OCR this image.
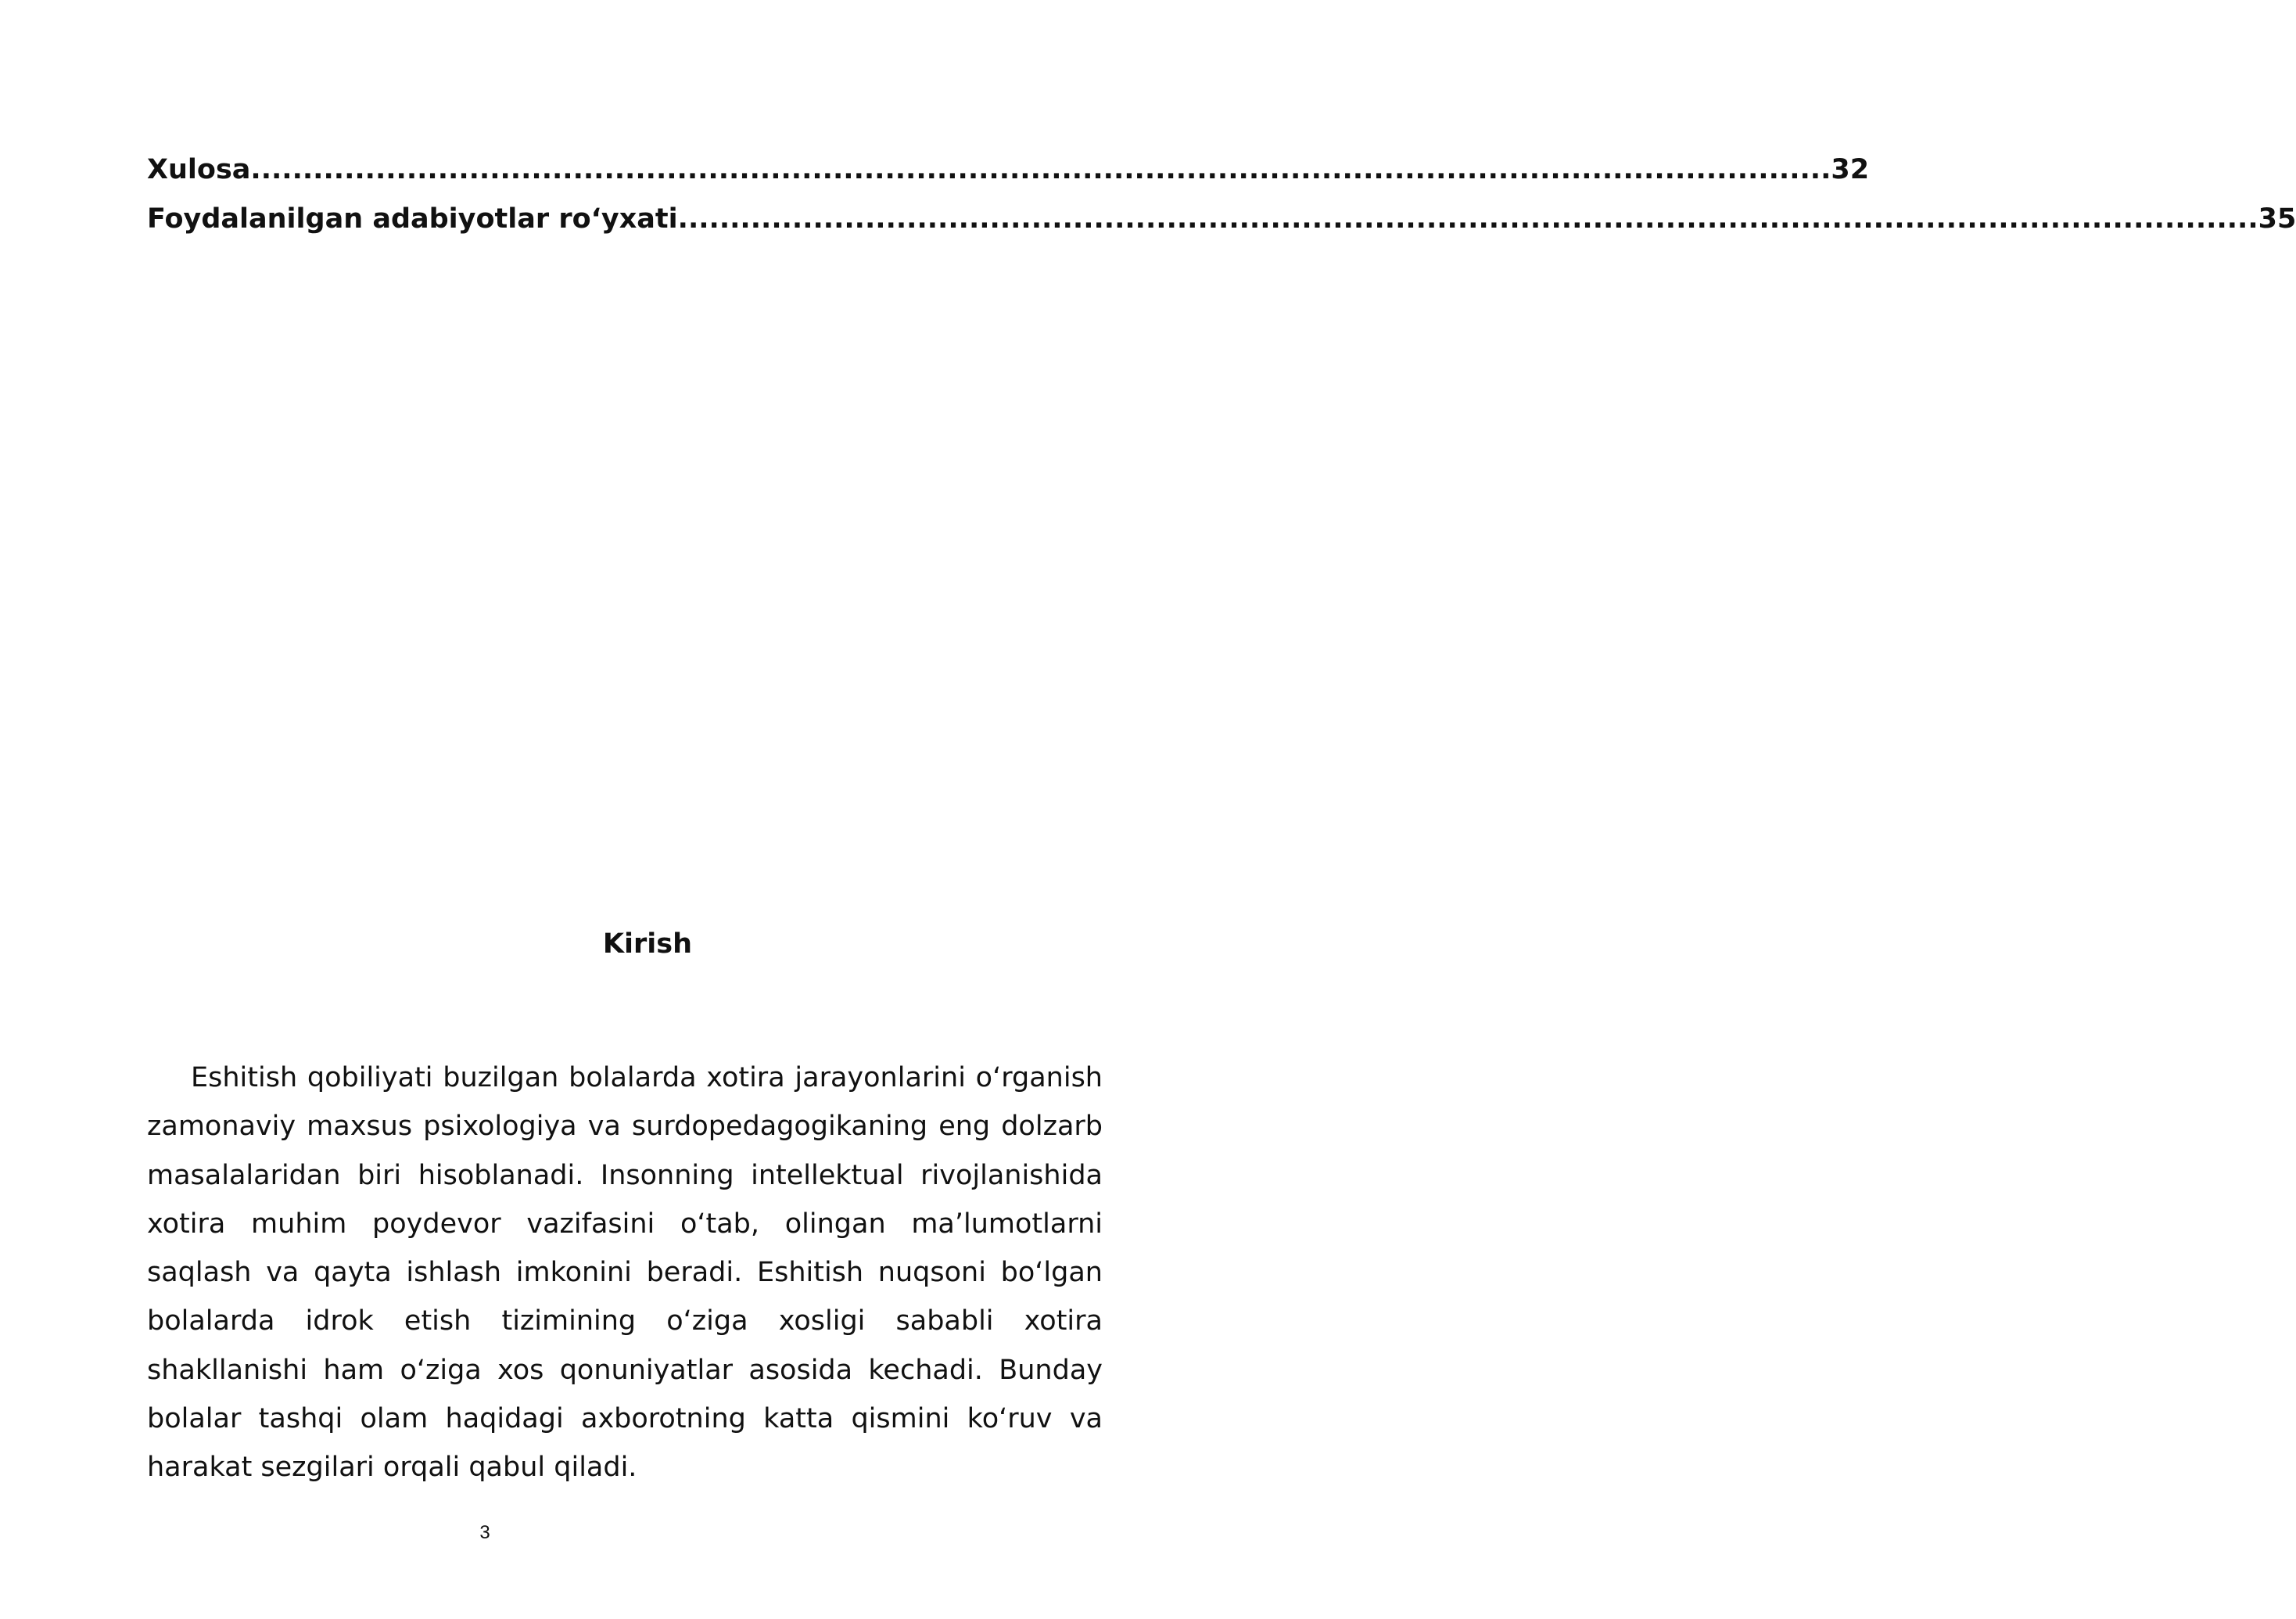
Xulosa ........................................................................................................................................................ 32
Foydalanilgan adabiyotlar ro‘yxati ........................................................................................................................................................ 35
Kirish

Eshitish qobiliyati buzilgan bolalarda xotira jarayonlarini o‘rganish zamonaviy maxsus psixologiya va surdopedagogikaning eng dolzarb masalalaridan biri hisoblanadi. Insonning intellektual rivojlanishida xotira muhim poydevor vazifasini o‘tab, olingan ma’lumotlarni saqlash va qayta ishlash imkonini beradi. Eshitish nuqsoni bo‘lgan bolalarda idrok etish tizimining o‘ziga xosligi sababli xotira shakllanishi ham o‘ziga xos qonuniyatlar asosida kechadi. Bunday bolalar tashqi olam haqidagi axborotning katta qismini ko‘ruv va harakat sezgilari orqali qabul qiladi.

3
